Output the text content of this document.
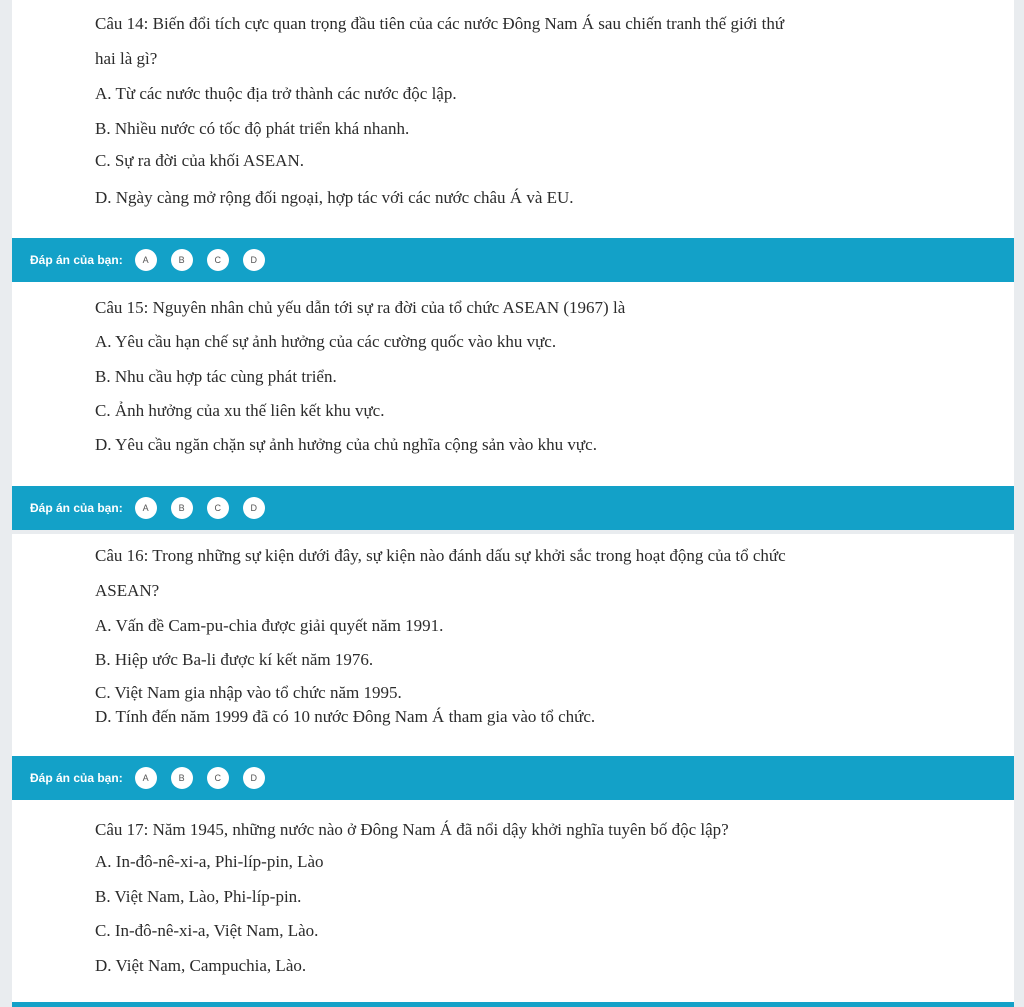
Câu 14: Biến đổi tích cực quan trọng đầu tiên của các nước Đông Nam Á sau chiến tranh thế giới thứ

hai là gì?

A. Từ các nước thuộc địa trở thành các nước độc lập.

B. Nhiều nước có tốc độ phát triển khá nhanh.

C. Sự ra đời của khối ASEAN.

D. Ngày càng mở rộng đối ngoại, hợp tác với các nước châu Á và EU.

Đáp án của bạn:	A	B	C	D

Câu 15: Nguyên nhân chủ yếu dẫn tới sự ra đời của tổ chức ASEAN (1967) là

A. Yêu cầu hạn chế sự ảnh hưởng của các cường quốc vào khu vực.

B. Nhu cầu hợp tác cùng phát triển.

C. Ảnh hưởng của xu thế liên kết khu vực.

D. Yêu cầu ngăn chặn sự ảnh hưởng của chủ nghĩa cộng sản vào khu vực.

Đáp án của bạn:	A	B	C	D

Câu 16: Trong những sự kiện dưới đây, sự kiện nào đánh dấu sự khởi sắc trong hoạt động của tổ chức

ASEAN?

A. Vấn đề Cam-pu-chia được giải quyết năm 1991.

B. Hiệp ước Ba-li được kí kết năm 1976.

C. Việt Nam gia nhập vào tổ chức năm 1995.

D. Tính đến năm 1999 đã có 10 nước Đông Nam Á tham gia vào tổ chức.

Đáp án của bạn:	A	B	C	D

Câu 17: Năm 1945, những nước nào ở Đông Nam Á đã nổi dậy khởi nghĩa tuyên bố độc lập?

A. In-đô-nê-xi-a, Phi-líp-pin, Lào

B. Việt Nam, Lào, Phi-líp-pin.

C. In-đô-nê-xi-a, Việt Nam, Lào.

D. Việt Nam, Campuchia, Lào.
